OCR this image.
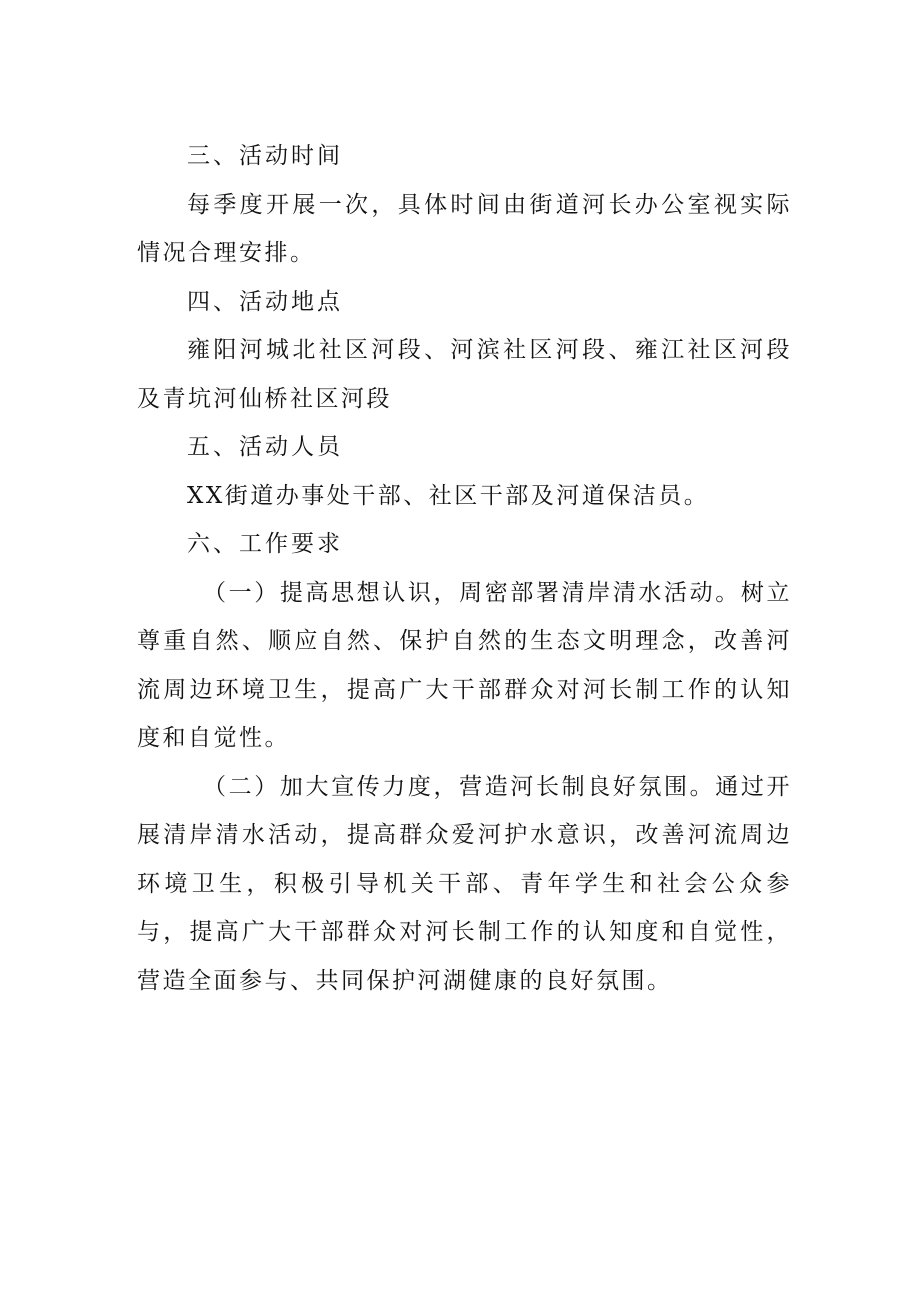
三、活动时间

每季度开展一次，具体时间由街道河长办公室视实际情况合理安排。

四、活动地点

雍阳河城北社区河段、河滨社区河段、雍江社区河段及青坑河仙桥社区河段

五、活动人员

XX街道办事处干部、社区干部及河道保洁员。

六、工作要求

（一）提高思想认识，周密部署清岸清水活动。树立尊重自然、顺应自然、保护自然的生态文明理念，改善河流周边环境卫生，提高广大干部群众对河长制工作的认知度和自觉性。

（二）加大宣传力度，营造河长制良好氛围。通过开展清岸清水活动，提高群众爱河护水意识，改善河流周边环境卫生，积极引导机关干部、青年学生和社会公众参与，提高广大干部群众对河长制工作的认知度和自觉性，营造全面参与、共同保护河湖健康的良好氛围。
